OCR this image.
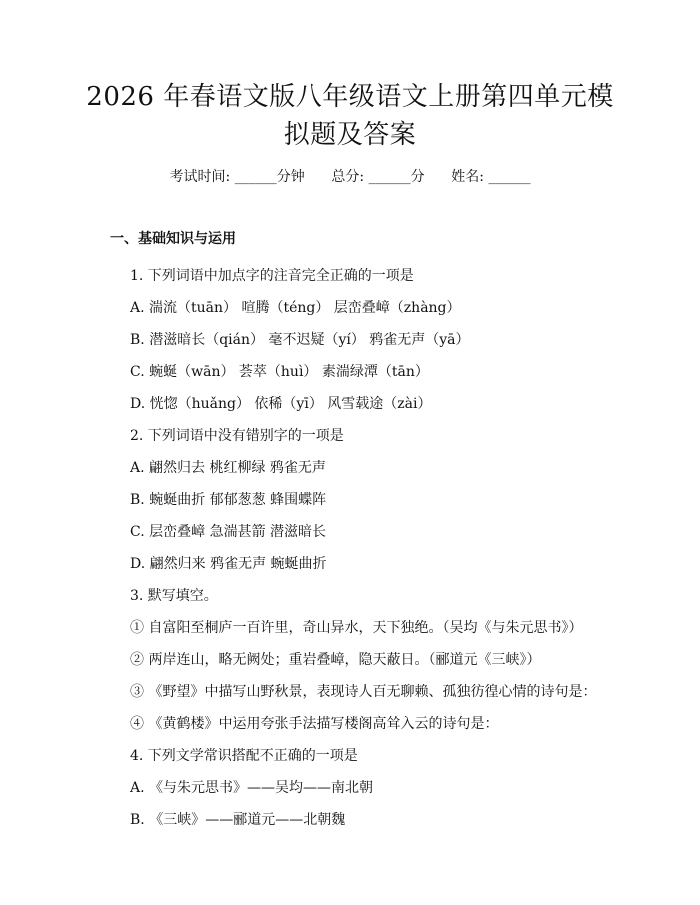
2026 年春语文版八年级语文上册第四单元模
拟题及答案
考试时间: ______分钟      总分: ______分      姓名: ______
一、基础知识与运用
1. 下列词语中加点字的注音完全正确的一项是
A. 湍流（tuān） 喧腾（téng） 层峦叠嶂（zhàng）
B. 潜滋暗长（qián） 毫不迟疑（yí） 鸦雀无声（yā）
C. 蜿蜒（wān） 荟萃（huì） 素湍绿潭（tān）
D. 恍惚（huǎng） 依稀（yī） 风雪载途（zài）
2. 下列词语中没有错别字的一项是
A. 翩然归去 桃红柳绿 鸦雀无声
B. 蜿蜒曲折 郁郁葱葱 蜂围蝶阵
C. 层峦叠嶂 急湍甚箭 潜滋暗长
D. 翩然归来 鸦雀无声 蜿蜒曲折
3. 默写填空。
① 自富阳至桐庐一百许里，奇山异水，天下独绝。（吴均《与朱元思书》）
② 两岸连山，略无阙处；重岩叠嶂，隐天蔽日。（郦道元《三峡》）
③ 《野望》中描写山野秋景，表现诗人百无聊赖、孤独彷徨心情的诗句是：
④ 《黄鹤楼》中运用夸张手法描写楼阁高耸入云的诗句是：
4. 下列文学常识搭配不正确的一项是
A. 《与朱元思书》——吴均——南北朝
B. 《三峡》——郦道元——北朝魏
